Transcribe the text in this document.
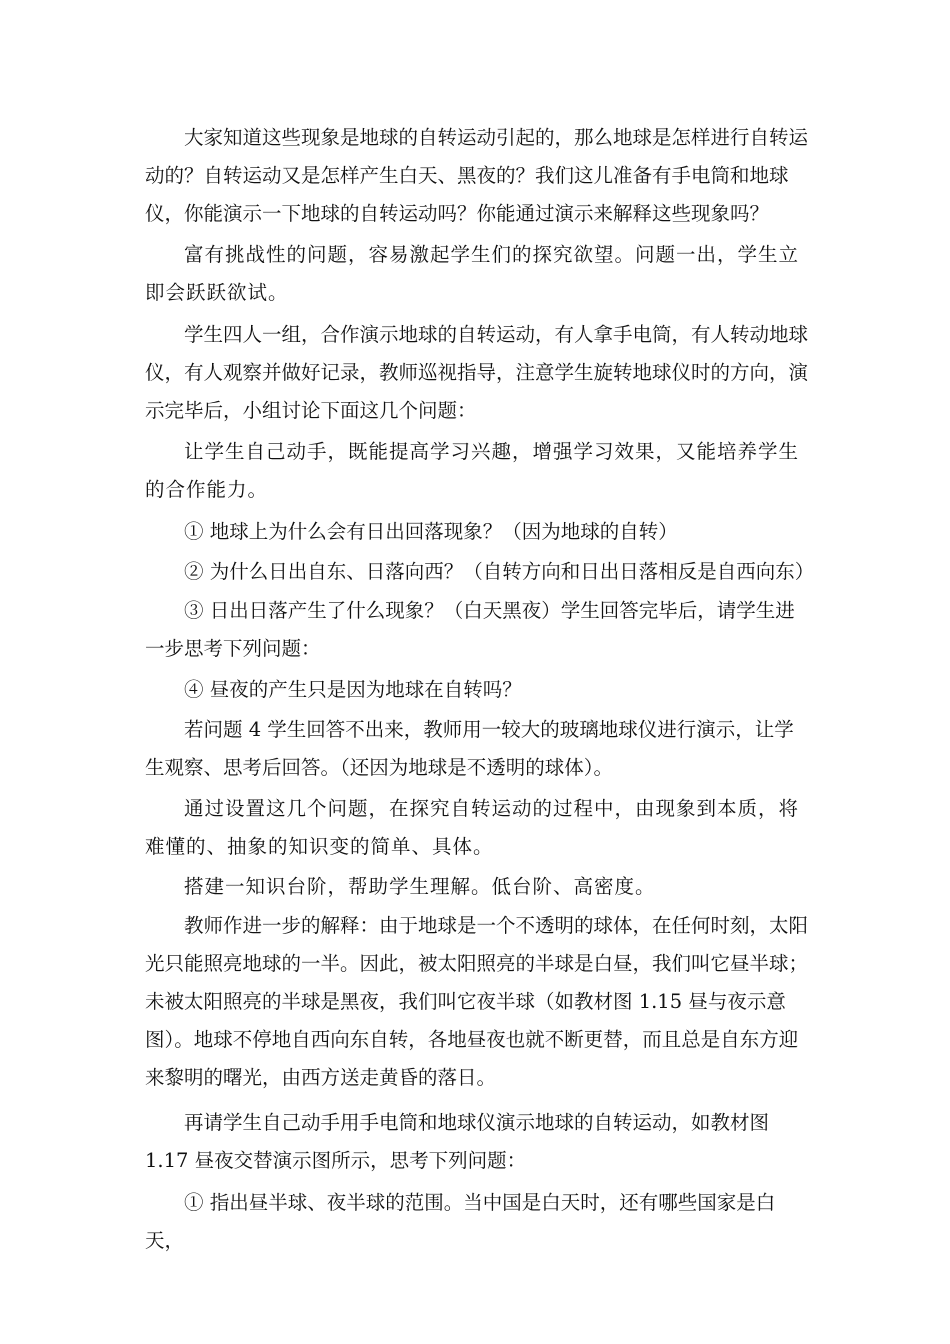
大家知道这些现象是地球的自转运动引起的，那么地球是怎样进行自转运动的？自转运动又是怎样产生白天、黑夜的？我们这儿准备有手电筒和地球仪，你能演示一下地球的自转运动吗？你能通过演示来解释这些现象吗？

富有挑战性的问题，容易激起学生们的探究欲望。问题一出，学生立即会跃跃欲试。

学生四人一组，合作演示地球的自转运动，有人拿手电筒，有人转动地球仪，有人观察并做好记录，教师巡视指导，注意学生旋转地球仪时的方向，演示完毕后，小组讨论下面这几个问题：

让学生自己动手，既能提高学习兴趣，增强学习效果，又能培养学生的合作能力。

① 地球上为什么会有日出回落现象？（因为地球的自转）

② 为什么日出自东、日落向西？（自转方向和日出日落相反是自西向东）

③ 日出日落产生了什么现象？（白天黑夜）学生回答完毕后，请学生进一步思考下列问题：

④ 昼夜的产生只是因为地球在自转吗？

若问题 4 学生回答不出来，教师用一较大的玻璃地球仪进行演示，让学生观察、思考后回答。（还因为地球是不透明的球体）。

通过设置这几个问题，在探究自转运动的过程中，由现象到本质，将难懂的、抽象的知识变的简单、具体。

搭建一知识台阶，帮助学生理解。低台阶、高密度。

教师作进一步的解释：由于地球是一个不透明的球体，在任何时刻，太阳光只能照亮地球的一半。因此，被太阳照亮的半球是白昼，我们叫它昼半球；未被太阳照亮的半球是黑夜，我们叫它夜半球（如教材图 1.15 昼与夜示意图）。地球不停地自西向东自转，各地昼夜也就不断更替，而且总是自东方迎来黎明的曙光，由西方送走黄昏的落日。

再请学生自己动手用手电筒和地球仪演示地球的自转运动，如教材图 1.17 昼夜交替演示图所示，思考下列问题：

① 指出昼半球、夜半球的范围。当中国是白天时，还有哪些国家是白天，
